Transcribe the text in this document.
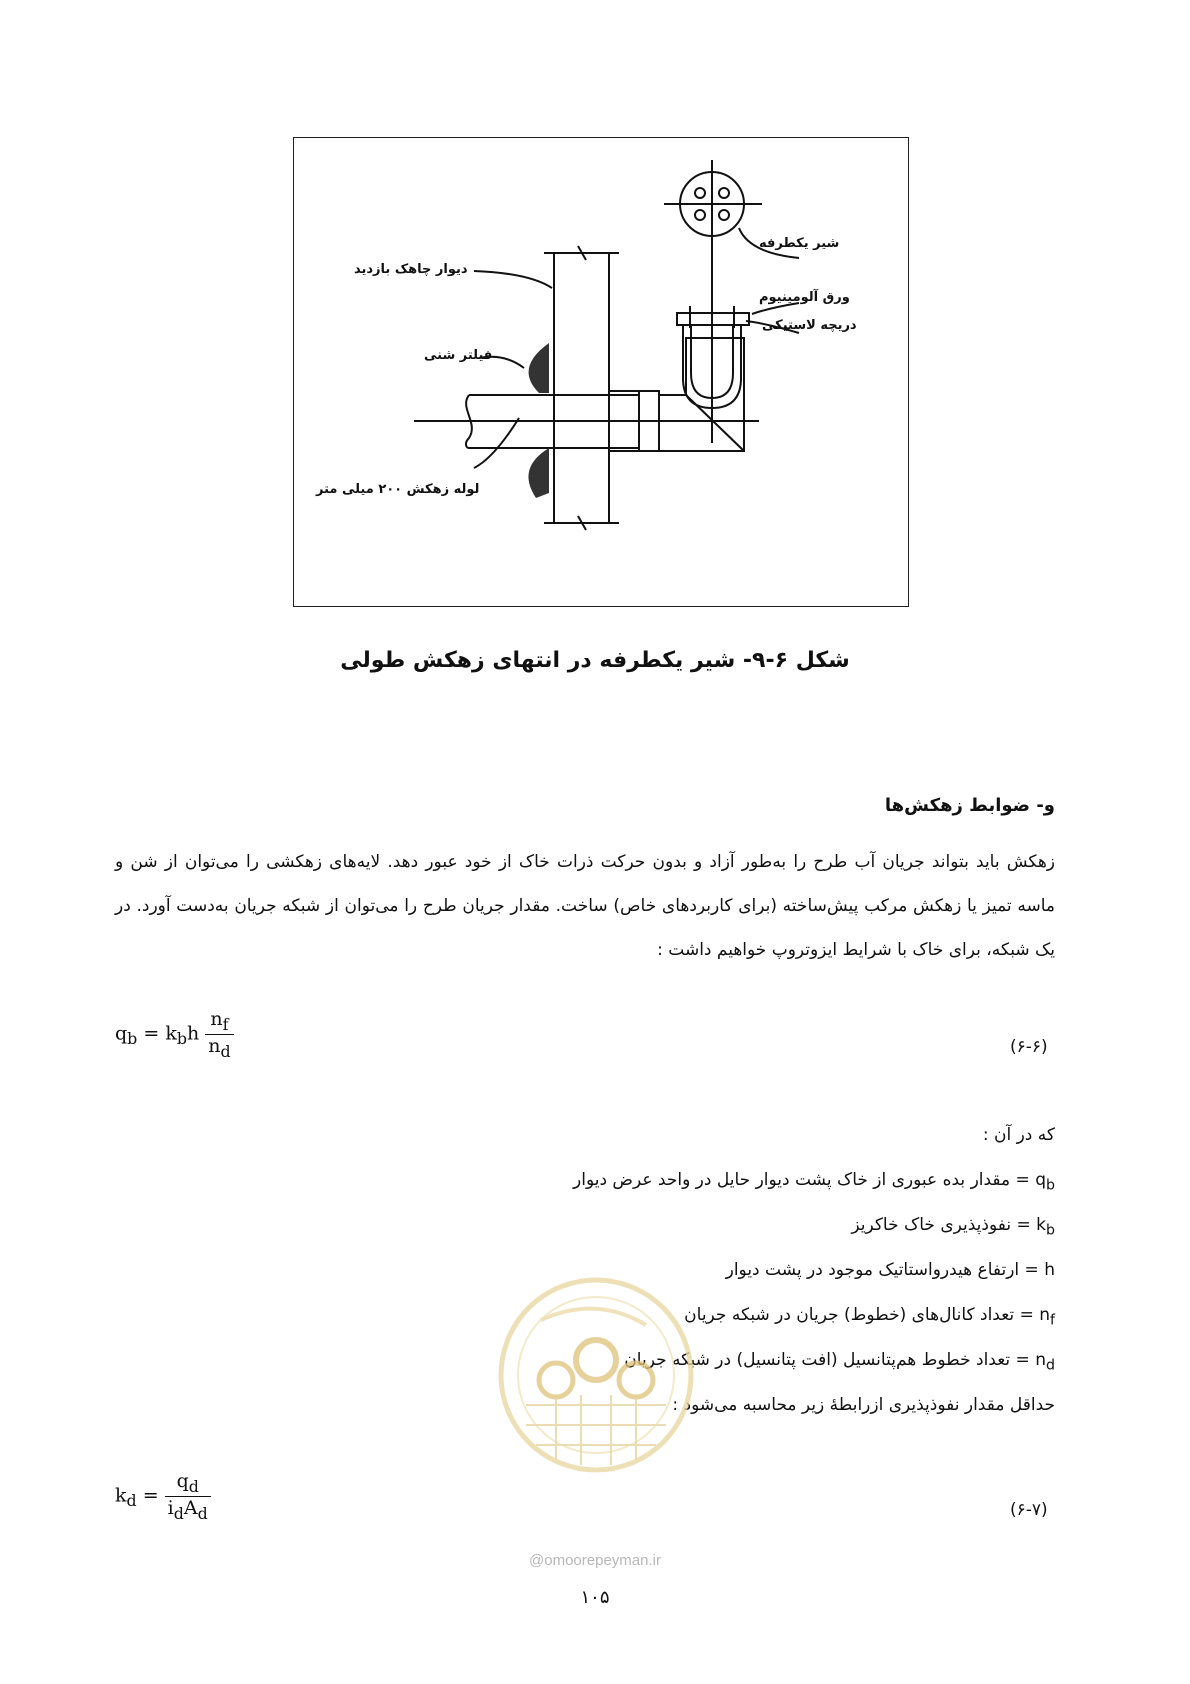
شیر یکطرفه
ورق آلومینیوم
دریچه لاستیکی
دیوار چاهک بازدید
فیلتر شنی
لوله زهکش ۲۰۰ میلی متر
شکل ۶-۹- شیر یکطرفه در انتهای زهکش طولی
و- ضوابط زهکش‌ها
زهکش باید بتواند جریان آب طرح را به‌طور آزاد و بدون حرکت ذرات خاک از خود عبور دهد. لایه‌های زهکشی را می‌توان از شن و ماسه تمیز یا زهکش مرکب پیش‌ساخته (برای کاربردهای خاص) ساخت. مقدار جریان طرح را می‌توان از شبکه جریان به‌دست آورد. در یک شبکه، برای خاک با شرایط ایزوتروپ خواهیم داشت :
$q_b = k_bh \frac{n_f}{n_d}$	(۶-۶)
که در آن :
$q_b$ = مقدار بده عبوری از خاک پشت دیوار حایل در واحد عرض دیوار
$k_b$ = نفوذپذیری خاک خاکریز
h = ارتفاع هیدرواستاتیک موجود در پشت دیوار
$n_f$ = تعداد کانال‌های (خطوط) جریان در شبکه جریان
$n_d$ = تعداد خطوط هم‌پتانسیل (افت پتانسیل) در شبکه جریان
حداقل مقدار نفوذپذیری ازرابطهٔ زیر محاسبه می‌شود :
$k_d = \frac{q_d}{i_dA_d}$	(۶-۷)
@omoorepeyman.ir
۱۰۵
